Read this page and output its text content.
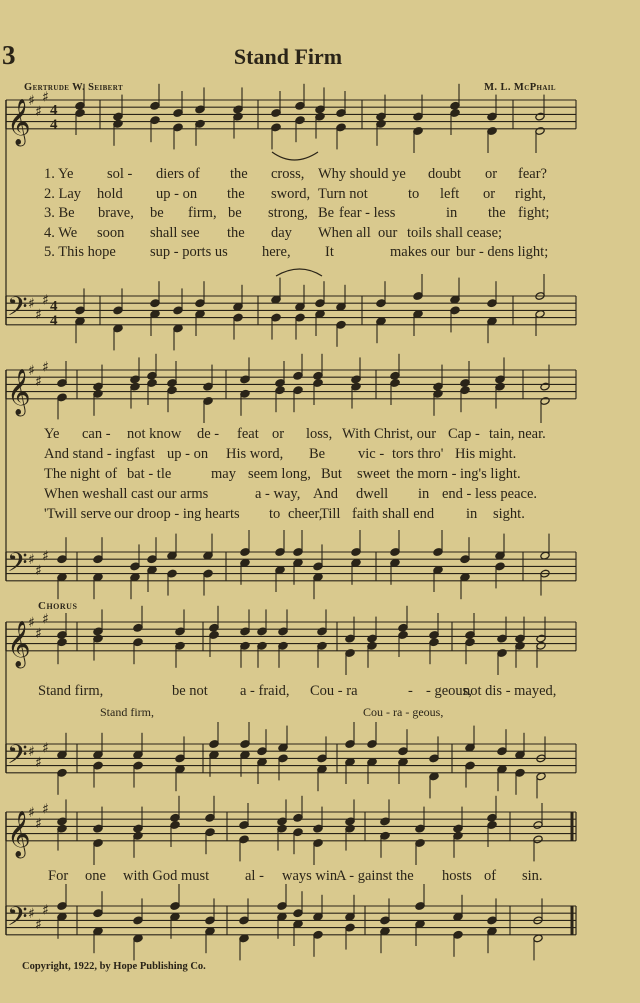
𝄞
♯
♯
♯
𝄢 ♯
♯
♯
4
4
4
4
𝄞
♯
♯
♯
𝄢 ♯
♯
♯
𝄞
♯
♯
♯
𝄢 ♯
♯
♯
𝄞
♯
♯
♯
𝄢 ♯
♯
♯
3	Stand Firm
Gertrude W. Seibert	M. L. McPhail
1. Ye sol - diers of the cross, Why should ye doubt or fear?
2. Lay hold up - on the sword, Turn not	to left or right,
3. Be brave, be firm, be strong, Be fear - less	in the fight;
4. We soon shall see the day When all our toils shall cease;
5. This hope sup - ports us here, It	makes our bur - dens light;
Ye can - not know de - feat or loss, With Christ, our Cap - tain, near.
And stand - ing fast up - on His word, Be vic - tors thro' His might.
The night of bat - tle	may seem long, But sweet the morn - ing's light.
When we shall cast our arms	a - way, And dwell in end - less peace.
'Twill serve our droop - ing hearts to cheer,
Till faith shall end in sight.
Chorus
Stand firm,	be not a - fraid, Cou - ra	- - geous,
not dis - mayed,
Stand firm,	Cou - ra - geous,
For one with God must al - ways win
A - gainst the hosts of sin.
Copyright, 1922, by Hope Publishing Co.
